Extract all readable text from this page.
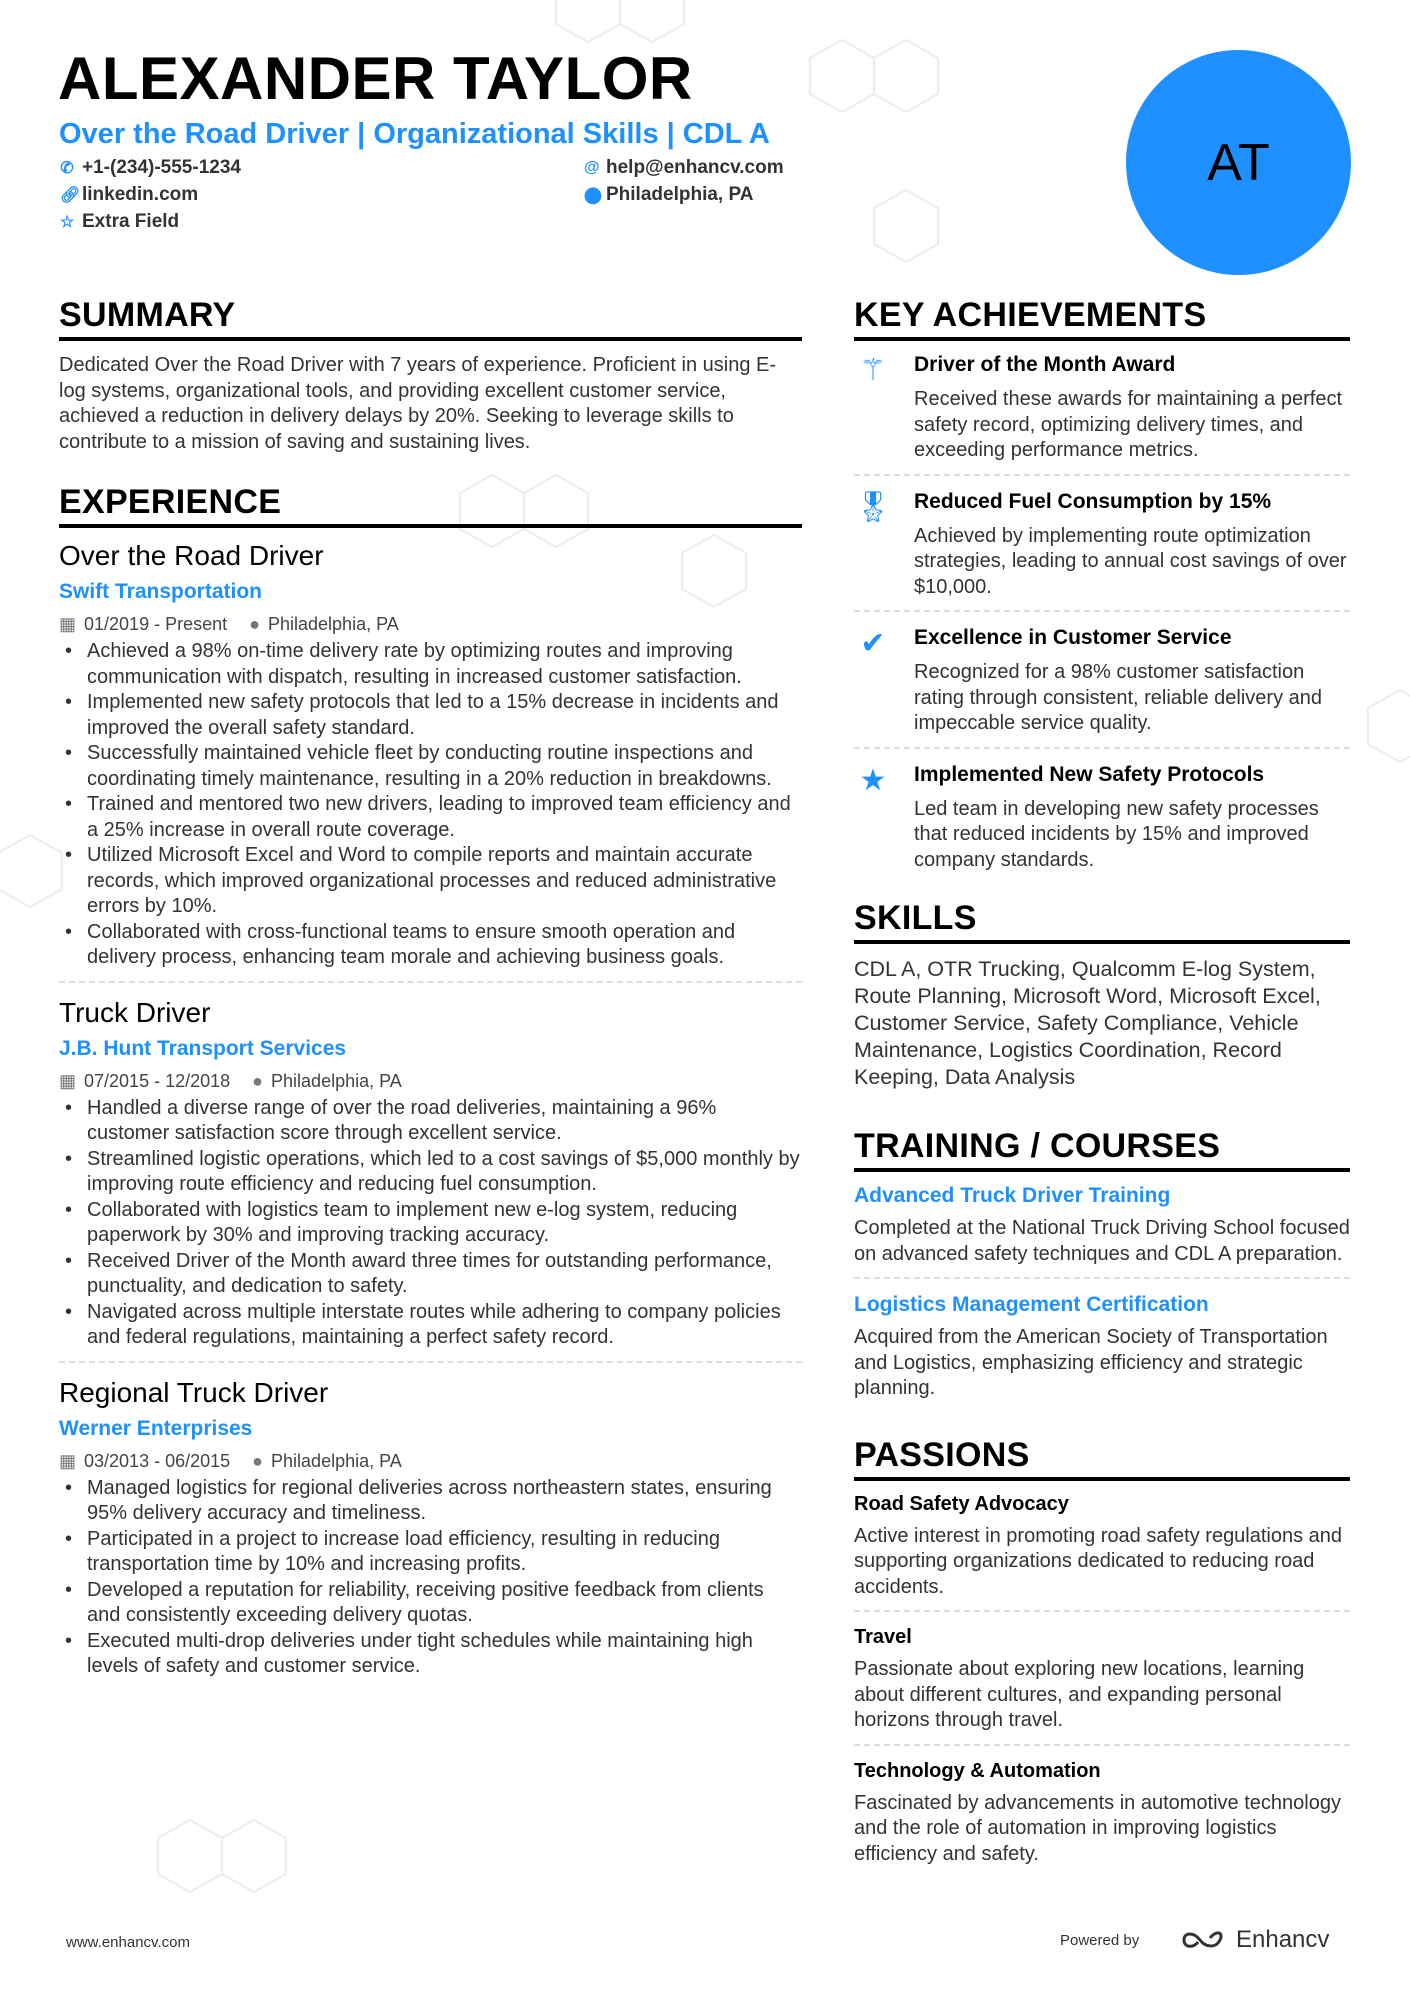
ALEXANDER TAYLOR
Over the Road Driver | Organizational Skills | CDL A
✆ +1-(234)-555-1234	@ help@enhancv.com
🔗︎ linkedin.com	⬤ Philadelphia, PA
☆ Extra Field
AT
SUMMARY

Dedicated Over the Road Driver with 7 years of experience. Proficient in using E-log systems, organizational tools, and providing excellent customer service, achieved a reduction in delivery delays by 20%. Seeking to leverage skills to contribute to a mission of saving and sustaining lives.

EXPERIENCE
Over the Road Driver
Swift Transportation
▦ 01/2019 - Present ● Philadelphia, PA
• Achieved a 98% on-time delivery rate by optimizing routes and improving communication with dispatch, resulting in increased customer satisfaction.
• Implemented new safety protocols that led to a 15% decrease in incidents and improved the overall safety standard.
• Successfully maintained vehicle fleet by conducting routine inspections and coordinating timely maintenance, resulting in a 20% reduction in breakdowns.
• Trained and mentored two new drivers, leading to improved team efficiency and a 25% increase in overall route coverage.
• Utilized Microsoft Excel and Word to compile reports and maintain accurate records, which improved organizational processes and reduced administrative errors by 10%.
• Collaborated with cross-functional teams to ensure smooth operation and delivery process, enhancing team morale and achieving business goals.
Truck Driver
J.B. Hunt Transport Services
▦ 07/2015 - 12/2018 ● Philadelphia, PA
• Handled a diverse range of over the road deliveries, maintaining a 96% customer satisfaction score through excellent service.
• Streamlined logistic operations, which led to a cost savings of $5,000 monthly by improving route efficiency and reducing fuel consumption.
• Collaborated with logistics team to implement new e-log system, reducing paperwork by 30% and improving tracking accuracy.
• Received Driver of the Month award three times for outstanding performance, punctuality, and dedication to safety.
• Navigated across multiple interstate routes while adhering to company policies and federal regulations, maintaining a perfect safety record.
Regional Truck Driver
Werner Enterprises
▦ 03/2013 - 06/2015 ● Philadelphia, PA
• Managed logistics for regional deliveries across northeastern states, ensuring 95% delivery accuracy and timeliness.
• Participated in a project to increase load efficiency, resulting in reducing transportation time by 10% and increasing profits.
• Developed a reputation for reliability, receiving positive feedback from clients and consistently exceeding delivery quotas.
• Executed multi-drop deliveries under tight schedules while maintaining high levels of safety and customer service.
KEY ACHIEVEMENTS
⚚ Driver of the Month Award

Received these awards for maintaining a perfect safety record, optimizing delivery times, and exceeding performance metrics.

🎖︎ Reduced Fuel Consumption by 15%

Achieved by implementing route optimization strategies, leading to annual cost savings of over $10,000.

✔	Excellence in Customer Service

Recognized for a 98% customer satisfaction rating through consistent, reliable delivery and impeccable service quality.

★ Implemented New Safety Protocols

Led team in developing new safety processes that reduced incidents by 15% and improved company standards.

SKILLS

CDL A, OTR Trucking, Qualcomm E-log System, Route Planning, Microsoft Word, Microsoft Excel, Customer Service, Safety Compliance, Vehicle Maintenance, Logistics Coordination, Record Keeping, Data Analysis

TRAINING / COURSES
Advanced Truck Driver Training

Completed at the National Truck Driving School focused on advanced safety techniques and CDL A preparation.

Logistics Management Certification

Acquired from the American Society of Transportation and Logistics, emphasizing efficiency and strategic planning.

PASSIONS
Road Safety Advocacy

Active interest in promoting road safety regulations and supporting organizations dedicated to reducing road accidents.

Travel

Passionate about exploring new locations, learning about different cultures, and expanding personal horizons through travel.

Technology & Automation

Fascinated by advancements in automotive technology and the role of automation in improving logistics efficiency and safety.

www.enhancv.com	Powered by	Enhancv
